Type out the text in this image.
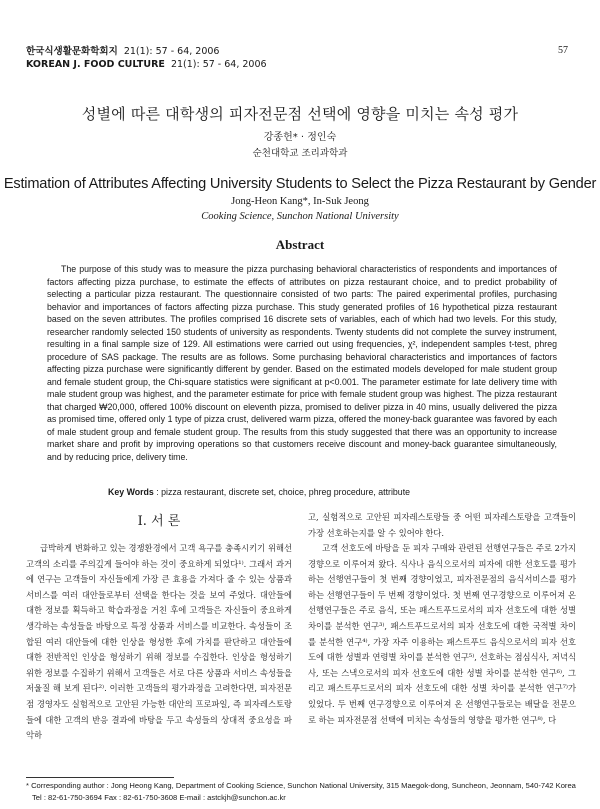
한국식생활문화학회지 21(1): 57 - 64, 2006
KOREAN J. FOOD CULTURE 21(1): 57 - 64, 2006
57
성별에 따른 대학생의 피자전문점 선택에 영향을 미치는 속성 평가
강종헌* · 정인숙
순천대학교 조리과학과
Estimation of Attributes Affecting University Students to Select the Pizza Restaurant by Gender
Jong-Heon Kang*, In-Suk Jeong
Cooking Science, Sunchon National University
Abstract

The purpose of this study was to measure the pizza purchasing behavioral characteristics of respondents and importances of factors affecting pizza purchase, to estimate the effects of attributes on pizza restaurant choice, and to predict probability of selecting a particular pizza restaurant. The questionnaire consisted of two parts: The paired experimental profiles, purchasing behavior and importances of factors affecting pizza purchase. This study generated profiles of 16 hypothetical pizza restaurant based on the seven attributes. The profiles comprised 16 discrete sets of variables, each of which had two levels. For this study, researcher randomly selected 150 students of university as respondents. Twenty students did not complete the survey instrument, resulting in a final sample size of 129. All estimations were carried out using frequencies, χ², independent samples t-test, phreg procedure of SAS package. The results are as follows. Some purchasing behavioral characteristics and importances of factors affecting pizza purchase were significantly different by gender. Based on the estimated models developed for male student group and female student group, the Chi-square statistics were significant at p<0.001. The parameter estimate for late delivery time with male student group was highest, and the parameter estimate for price with female student group was highest. The pizza restaurant that charged ₩20,000, offered 100% discount on eleventh pizza, promised to deliver pizza in 40 mins, usually delivered the pizza as promised time, offered only 1 type of pizza crust, delivered warm pizza, offered the money-back guarantee was favored by each of male student group and female student group. The results from this study suggested that there was an opportunity to increase market share and profit by improving operations so that customers receive discount and money-back guarantee simultaneously, and by reducing price, delivery time.

Key Words : pizza restaurant, discrete set, choice, phreg procedure, attribute
I. 서 론

급박하게 변화하고 있는 경쟁환경에서 고객 욕구를 충족시키기 위해선 고객의 소리를 주의깊게 들어야 하는 것이 중요하게 되었다¹⁾. 그래서 과거에 연구는 고객들이 자신들에게 가장 큰 효용을 가져다 줄 수 있는 상품과 서비스를 여러 대안들로부터 선택을 한다는 것을 보여 주었다. 대안들에 대한 정보를 획득하고 학습과정을 거친 후에 고객들은 자신들이 중요하게 생각하는 속성들을 바탕으로 특정 상품과 서비스를 비교한다. 속성들이 조합된 여러 대안들에 대한 인상을 형성한 후에 가치를 판단하고 대안들에 대한 전반적인 인상을 형성하기 위해 정보를 수집한다. 인상을 형성하기 위한 정보를 수집하기 위해서 고객들은 서로 다른 상품과 서비스 속성들을 저울질 해 보게 된다²⁾. 이러한 고객들의 평가과정을 고려한다면, 피자전문점 경영자도 실험적으로 고안된 가능한 대안의 프로파일, 즉 피자레스토랑들에 대한 고객의 반응 결과에 바탕을 두고 속성들의 상대적 중요성을 파악하

고, 실험적으로 고안된 피자레스토랑들 중 어떤 피자레스토랑을 고객들이 가장 선호하는지를 알 수 있어야 한다.

고객 선호도에 바탕을 둔 피자 구매와 관련된 선행연구들은 주로 2가지 경향으로 이루어져 왔다. 식사나 음식으로서의 피자에 대한 선호도를 평가하는 선행연구들이 첫 번째 경향이었고, 피자전문점의 음식서비스를 평가하는 선행연구들이 두 번째 경향이었다. 첫 번째 연구경향으로 이루어져 온 선행연구들은 주로 음식, 또는 패스트푸드로서의 피자 선호도에 대한 성별 차이를 분석한 연구³⁾, 패스트푸드로서의 피자 선호도에 대한 국적별 차이를 분석한 연구⁴⁾, 가장 자주 이용하는 패스트푸드 음식으로서의 피자 선호도에 대한 성별과 연령별 차이를 분석한 연구⁵⁾, 선호하는 점심식사, 저녁식사, 또는 스낵으로서의 피자 선호도에 대한 성별 차이를 분석한 연구⁶⁾, 그리고 패스트푸드로서의 피자 선호도에 대한 성별 차이를 분석한 연구⁷⁾가 있었다. 두 번째 연구경향으로 이루어져 온 선행연구들로는 배달을 전문으로 하는 피자전문점 선택에 미치는 속성들의 영향을 평가한 연구⁸⁾, 다

* Corresponding author : Jong Heong Kang, Department of Cooking Science, Sunchon National University, 315 Maegok-dong, Suncheon, Jeonnam, 540-742 Korea
Tel : 82-61-750-3694 Fax : 82-61-750-3608 E-mail : astckjh@sunchon.ac.kr
